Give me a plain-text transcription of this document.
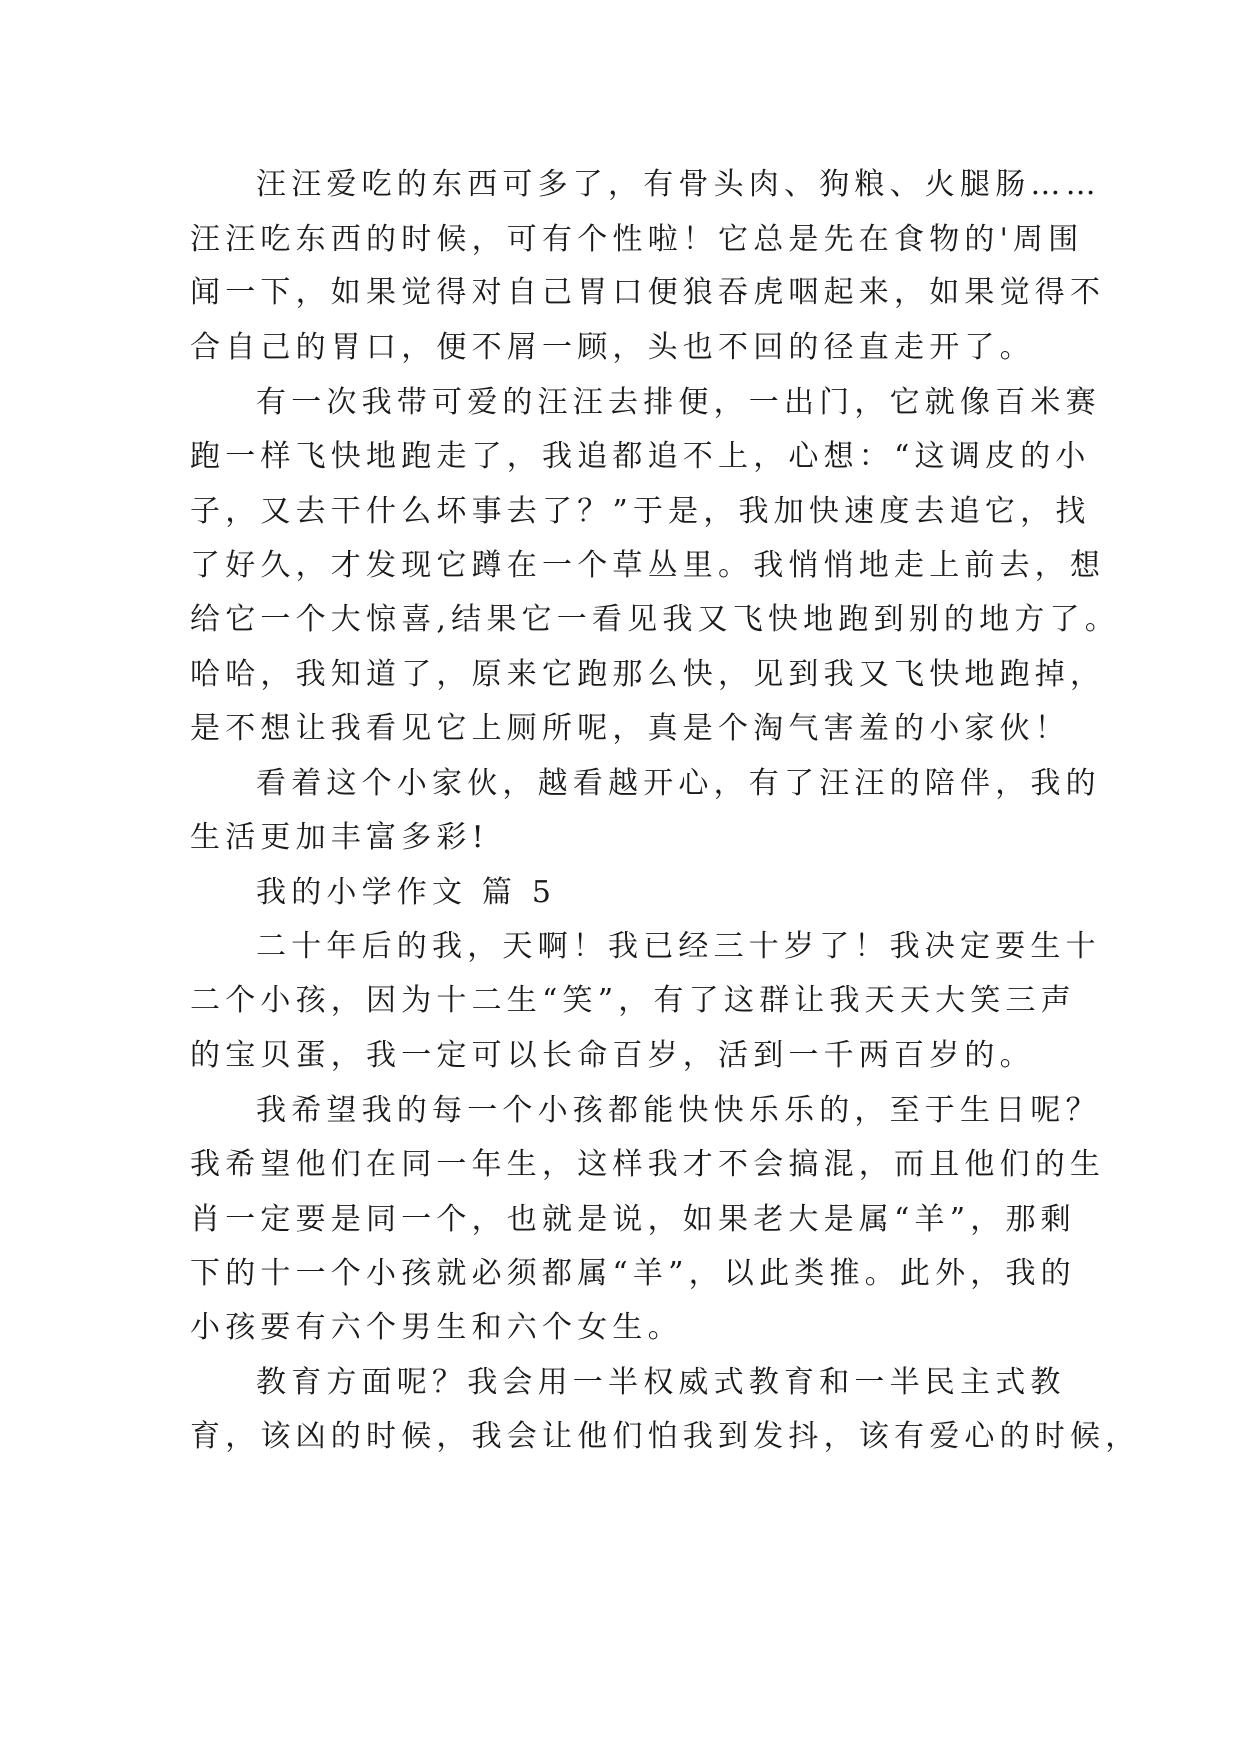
汪汪爱吃的东西可多了，有骨头肉、狗粮、火腿肠……
汪汪吃东西的时候，可有个性啦！它总是先在食物的'周围
闻一下，如果觉得对自己胃口便狼吞虎咽起来，如果觉得不
合自己的胃口，便不屑一顾，头也不回的径直走开了。
有一次我带可爱的汪汪去排便，一出门，它就像百米赛
跑一样飞快地跑走了，我追都追不上，心想：“这调皮的小
子，又去干什么坏事去了？”于是，我加快速度去追它，找
了好久，才发现它蹲在一个草丛里。我悄悄地走上前去，想
给它一个大惊喜,结果它一看见我又飞快地跑到别的地方了。
哈哈，我知道了，原来它跑那么快，见到我又飞快地跑掉，
是不想让我看见它上厕所呢，真是个淘气害羞的小家伙！
看着这个小家伙，越看越开心，有了汪汪的陪伴，我的
生活更加丰富多彩!
我的小学作文 篇 5
二十年后的我，天啊！我已经三十岁了！我决定要生十
二个小孩，因为十二生“笑”，有了这群让我天天大笑三声
的宝贝蛋，我一定可以长命百岁，活到一千两百岁的。
我希望我的每一个小孩都能快快乐乐的，至于生日呢？
我希望他们在同一年生，这样我才不会搞混，而且他们的生
肖一定要是同一个，也就是说，如果老大是属“羊”，那剩
下的十一个小孩就必须都属“羊”，以此类推。此外，我的
小孩要有六个男生和六个女生。
教育方面呢？我会用一半权威式教育和一半民主式教
育，该凶的时候，我会让他们怕我到发抖，该有爱心的时候，
